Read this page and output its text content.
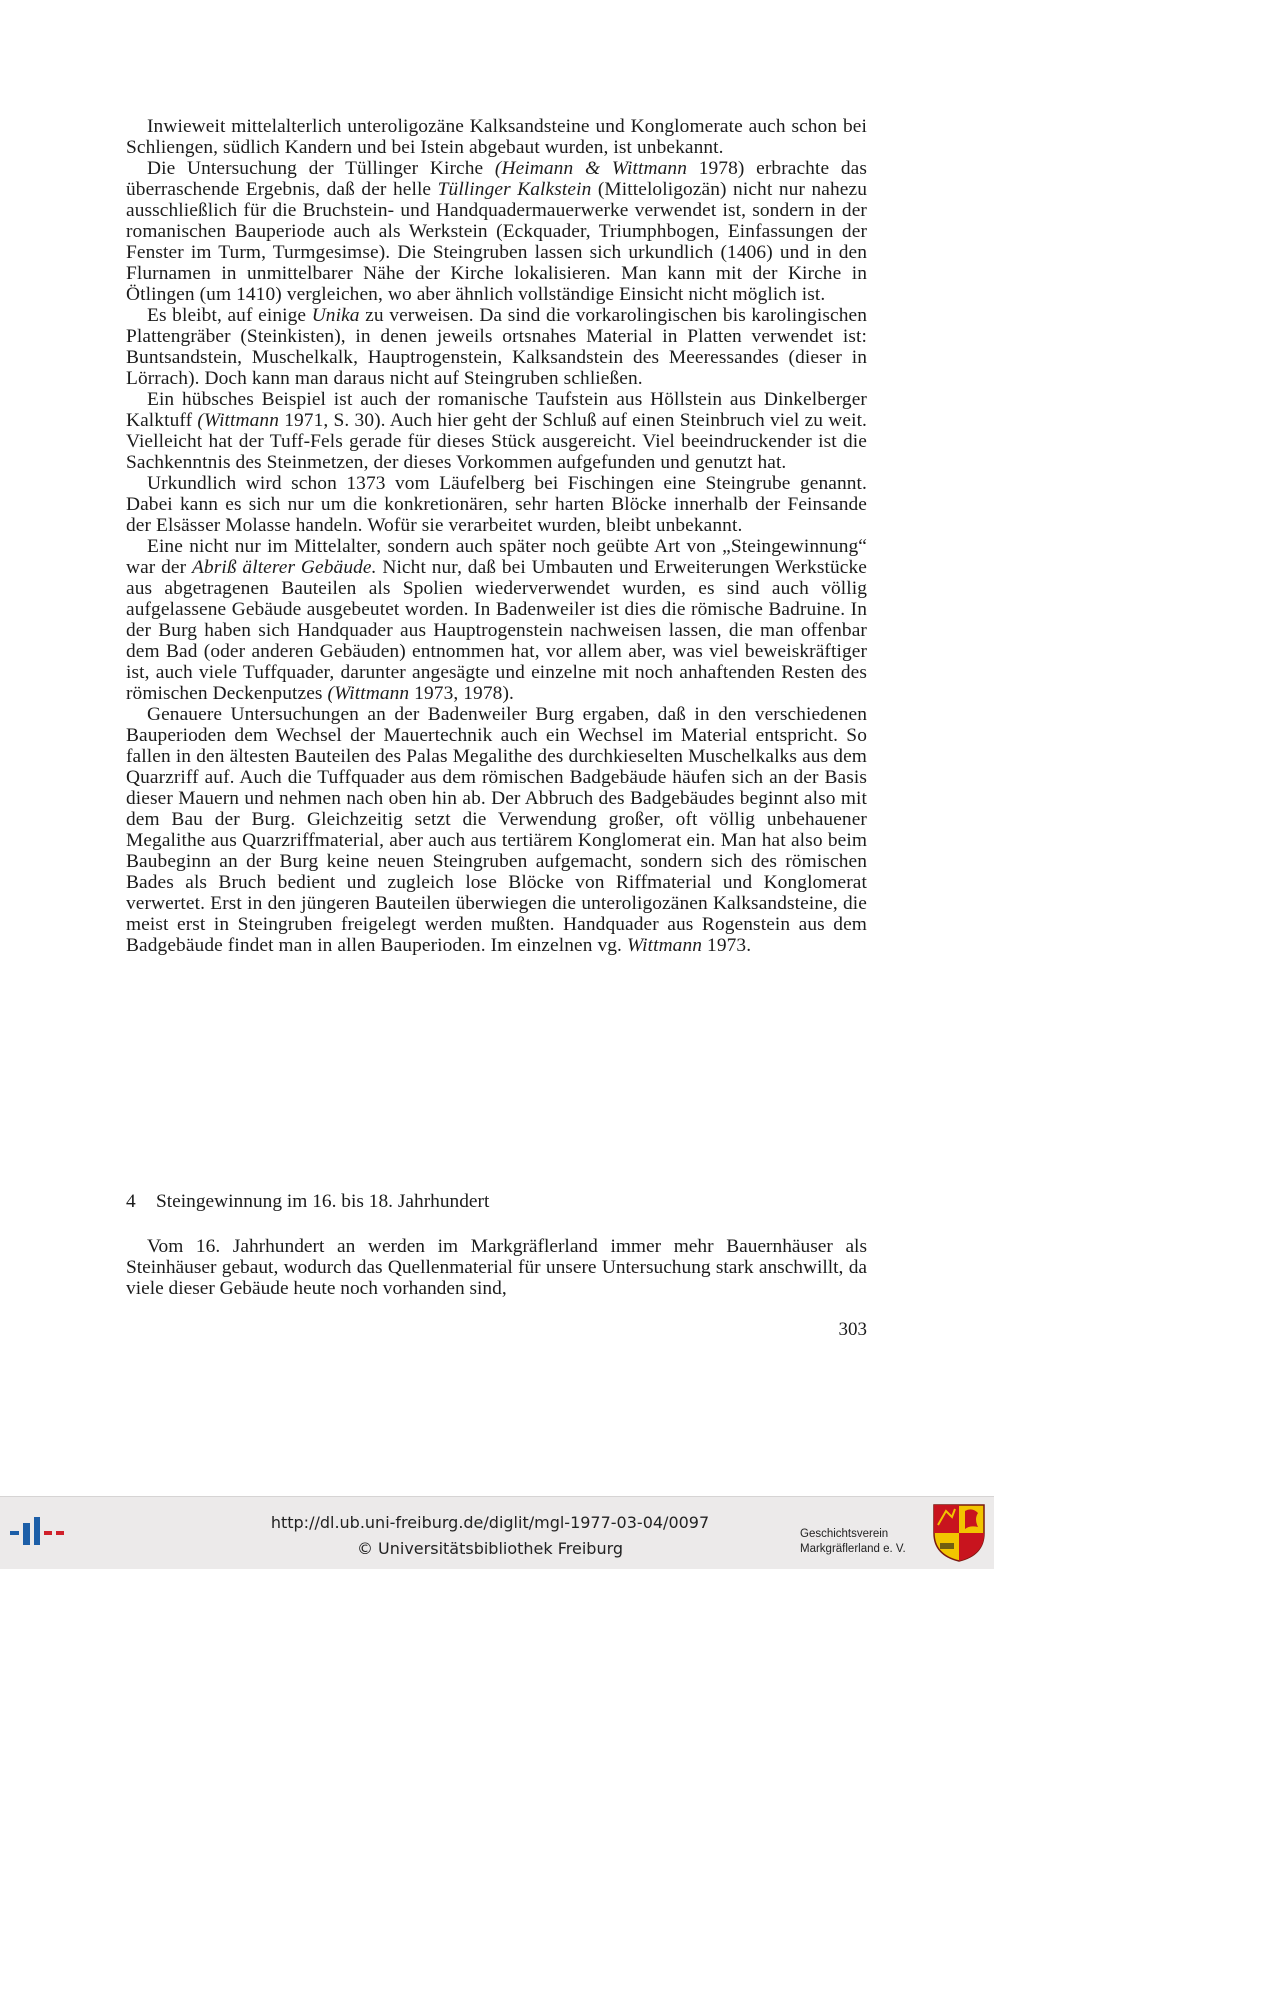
Inwieweit mittelalterlich unteroligozäne Kalksandsteine und Konglomerate auch schon bei Schliengen, südlich Kandern und bei Istein abgebaut wurden, ist unbekannt.

Die Untersuchung der Tüllinger Kirche (Heimann & Wittmann 1978) erbrachte das überraschende Ergebnis, daß der helle Tüllinger Kalkstein (Mitteloligozän) nicht nur nahezu ausschließlich für die Bruchstein- und Handquadermauerwerke verwendet ist, sondern in der romanischen Bauperiode auch als Werkstein (Eckquader, Triumphbogen, Einfassungen der Fenster im Turm, Turmgesimse). Die Steingruben lassen sich urkundlich (1406) und in den Flurnamen in unmittelbarer Nähe der Kirche lokalisieren. Man kann mit der Kirche in Ötlingen (um 1410) vergleichen, wo aber ähnlich vollständige Einsicht nicht möglich ist.

Es bleibt, auf einige Unika zu verweisen. Da sind die vorkarolingischen bis karolingischen Plattengräber (Steinkisten), in denen jeweils ortsnahes Material in Platten verwendet ist: Buntsandstein, Muschelkalk, Hauptrogenstein, Kalksandstein des Meeressandes (dieser in Lörrach). Doch kann man daraus nicht auf Steingruben schließen.

Ein hübsches Beispiel ist auch der romanische Taufstein aus Höllstein aus Dinkelberger Kalktuff (Wittmann 1971, S. 30). Auch hier geht der Schluß auf einen Steinbruch viel zu weit. Vielleicht hat der Tuff-Fels gerade für dieses Stück ausgereicht. Viel beeindruckender ist die Sachkenntnis des Steinmetzen, der dieses Vorkommen aufgefunden und genutzt hat.

Urkundlich wird schon 1373 vom Läufelberg bei Fischingen eine Steingrube genannt. Dabei kann es sich nur um die konkretionären, sehr harten Blöcke innerhalb der Feinsande der Elsässer Molasse handeln. Wofür sie verarbeitet wurden, bleibt unbekannt.

Eine nicht nur im Mittelalter, sondern auch später noch geübte Art von „Steingewinnung“ war der Abriß älterer Gebäude. Nicht nur, daß bei Umbauten und Erweiterungen Werkstücke aus abgetragenen Bauteilen als Spolien wiederverwendet wurden, es sind auch völlig aufgelassene Gebäude ausgebeutet worden. In Badenweiler ist dies die römische Badruine. In der Burg haben sich Handquader aus Hauptrogenstein nachweisen lassen, die man offenbar dem Bad (oder anderen Gebäuden) entnommen hat, vor allem aber, was viel beweiskräftiger ist, auch viele Tuffquader, darunter angesägte und einzelne mit noch anhaftenden Resten des römischen Deckenputzes (Wittmann 1973, 1978).

Genauere Untersuchungen an der Badenweiler Burg ergaben, daß in den verschiedenen Bauperioden dem Wechsel der Mauertechnik auch ein Wechsel im Material entspricht. So fallen in den ältesten Bauteilen des Palas Megalithe des durchkieselten Muschelkalks aus dem Quarzriff auf. Auch die Tuffquader aus dem römischen Badgebäude häufen sich an der Basis dieser Mauern und nehmen nach oben hin ab. Der Abbruch des Badgebäudes beginnt also mit dem Bau der Burg. Gleichzeitig setzt die Verwendung großer, oft völlig unbehauener Megalithe aus Quarzriffmaterial, aber auch aus tertiärem Konglomerat ein. Man hat also beim Baubeginn an der Burg keine neuen Steingruben aufgemacht, sondern sich des römischen Bades als Bruch bedient und zugleich lose Blöcke von Riffmaterial und Konglomerat verwertet. Erst in den jüngeren Bauteilen überwiegen die unteroligozänen Kalksandsteine, die meist erst in Steingruben freigelegt werden mußten. Handquader aus Rogenstein aus dem Badgebäude findet man in allen Bauperioden. Im einzelnen vg. Wittmann 1973.

4 Steingewinnung im 16. bis 18. Jahrhundert

Vom 16. Jahrhundert an werden im Markgräflerland immer mehr Bauernhäuser als Steinhäuser gebaut, wodurch das Quellenmaterial für unsere Untersuchung stark anschwillt, da viele dieser Gebäude heute noch vorhanden sind,

303
http://dl.ub.uni-freiburg.de/diglit/mgl-1977-03-04/0097
© Universitätsbibliothek Freiburg
Geschichtsverein
Markgräflerland e. V.
